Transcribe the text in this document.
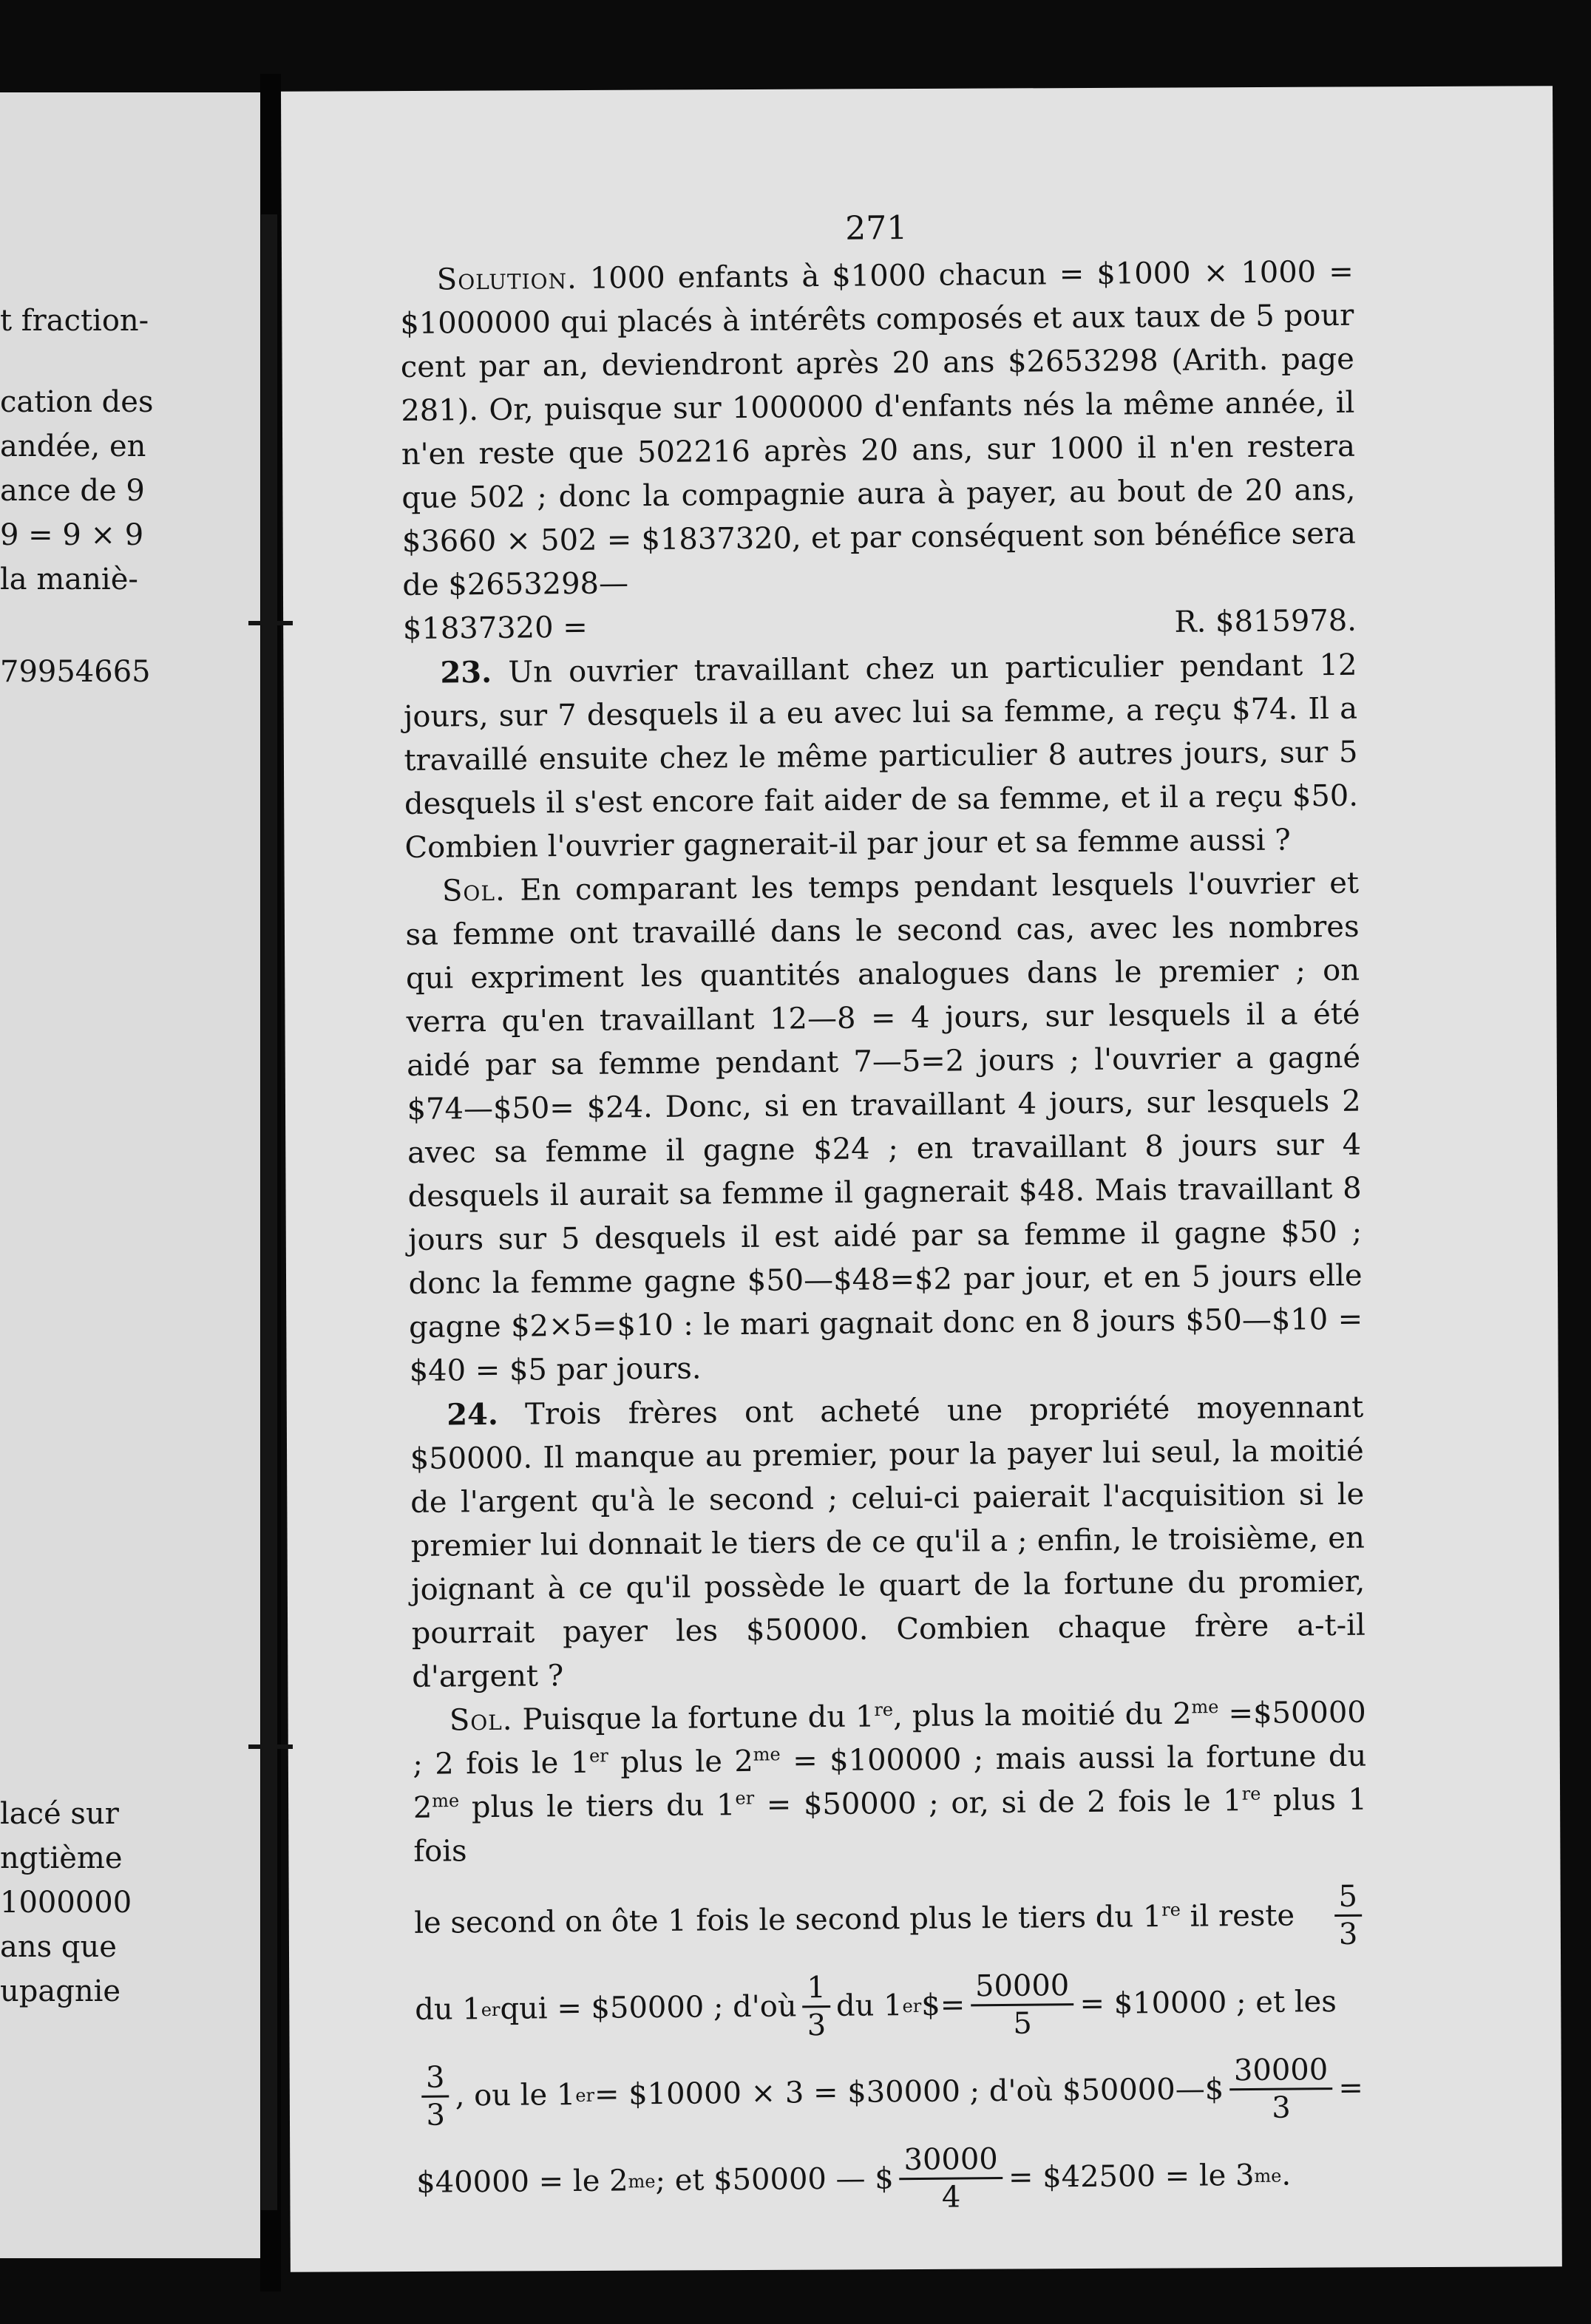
t fraction-
cation des
andée, en
ance de 9
9 = 9 × 9
la maniè-
79954665
lacé sur
ngtième
1000000
ans que
upagnie
271

Solution. 1000 enfants à $1000 chacun = $1000 × 1000 = $1000000 qui placés à intérêts composés et aux taux de 5 pour cent par an, deviendront après 20 ans $2653298 (Arith. page 281). Or, puisque sur 1000000 d'enfants nés la même année, il n'en reste que 502216 après 20 ans, sur 1000 il n'en restera que 502 ; donc la compagnie aura à payer, au bout de 20 ans, $3660 × 502 = $1837320, et par conséquent son bénéfice sera de $2653298—

$1837320 =	R. $815978.

23. Un ouvrier travaillant chez un particulier pendant 12 jours, sur 7 desquels il a eu avec lui sa femme, a reçu $74. Il a travaillé ensuite chez le même particulier 8 autres jours, sur 5 desquels il s'est encore fait aider de sa femme, et il a reçu $50. Combien l'ouvrier gagnerait-il par jour et sa femme aussi ?

Sol. En comparant les temps pendant lesquels l'ouvrier et sa femme ont travaillé dans le second cas, avec les nombres qui expriment les quantités analogues dans le premier ; on verra qu'en travaillant 12—8 = 4 jours, sur lesquels il a été aidé par sa femme pendant 7—5=2 jours ; l'ouvrier a gagné $74—$50= $24. Donc, si en travaillant 4 jours, sur lesquels 2 avec sa femme il gagne $24 ; en travaillant 8 jours sur 4 desquels il aurait sa femme il gagnerait $48. Mais travaillant 8 jours sur 5 desquels il est aidé par sa femme il gagne $50 ; donc la femme gagne $50—$48=$2 par jour, et en 5 jours elle gagne $2×5=$10 : le mari gagnait donc en 8 jours $50—$10 = $40 = $5 par jours.

24. Trois frères ont acheté une propriété moyennant $50000. Il manque au premier, pour la payer lui seul, la moitié de l'argent qu'à le second ; celui-ci paierait l'acquisition si le premier lui donnait le tiers de ce qu'il a ; enfin, le troisième, en joignant à ce qu'il possède le quart de la fortune du promier, pourrait payer les $50000. Combien chaque frère a-t-il d'argent ?

Sol. Puisque la fortune du 1re, plus la moitié du $2^{me}$ =$50000 ; 2 fois le 1er plus le $2^{me}$ = $100000 ; mais aussi la fortune du $2^{me}$ plus le tiers du 1er = $50000 ; or, si de 2 fois le 1re plus 1 fois

le second on ôte 1 fois le second plus le tiers du 1re il reste $\frac{5}{3}$
du 1 er qui = $50000 ; d'où $\frac{1}{3}$ du 1 er $= $\frac{50000}{5}$ = $10000 ; et les
$\frac{3}{3}$ , ou le 1 er = $10000 × 3 = $30000 ; d'où $50000—$ $\frac{30000}{3}$ =
$40000 = le 2 me ; et $50000 — $ $\frac{30000}{4}$ = $42500 = le 3 me .
